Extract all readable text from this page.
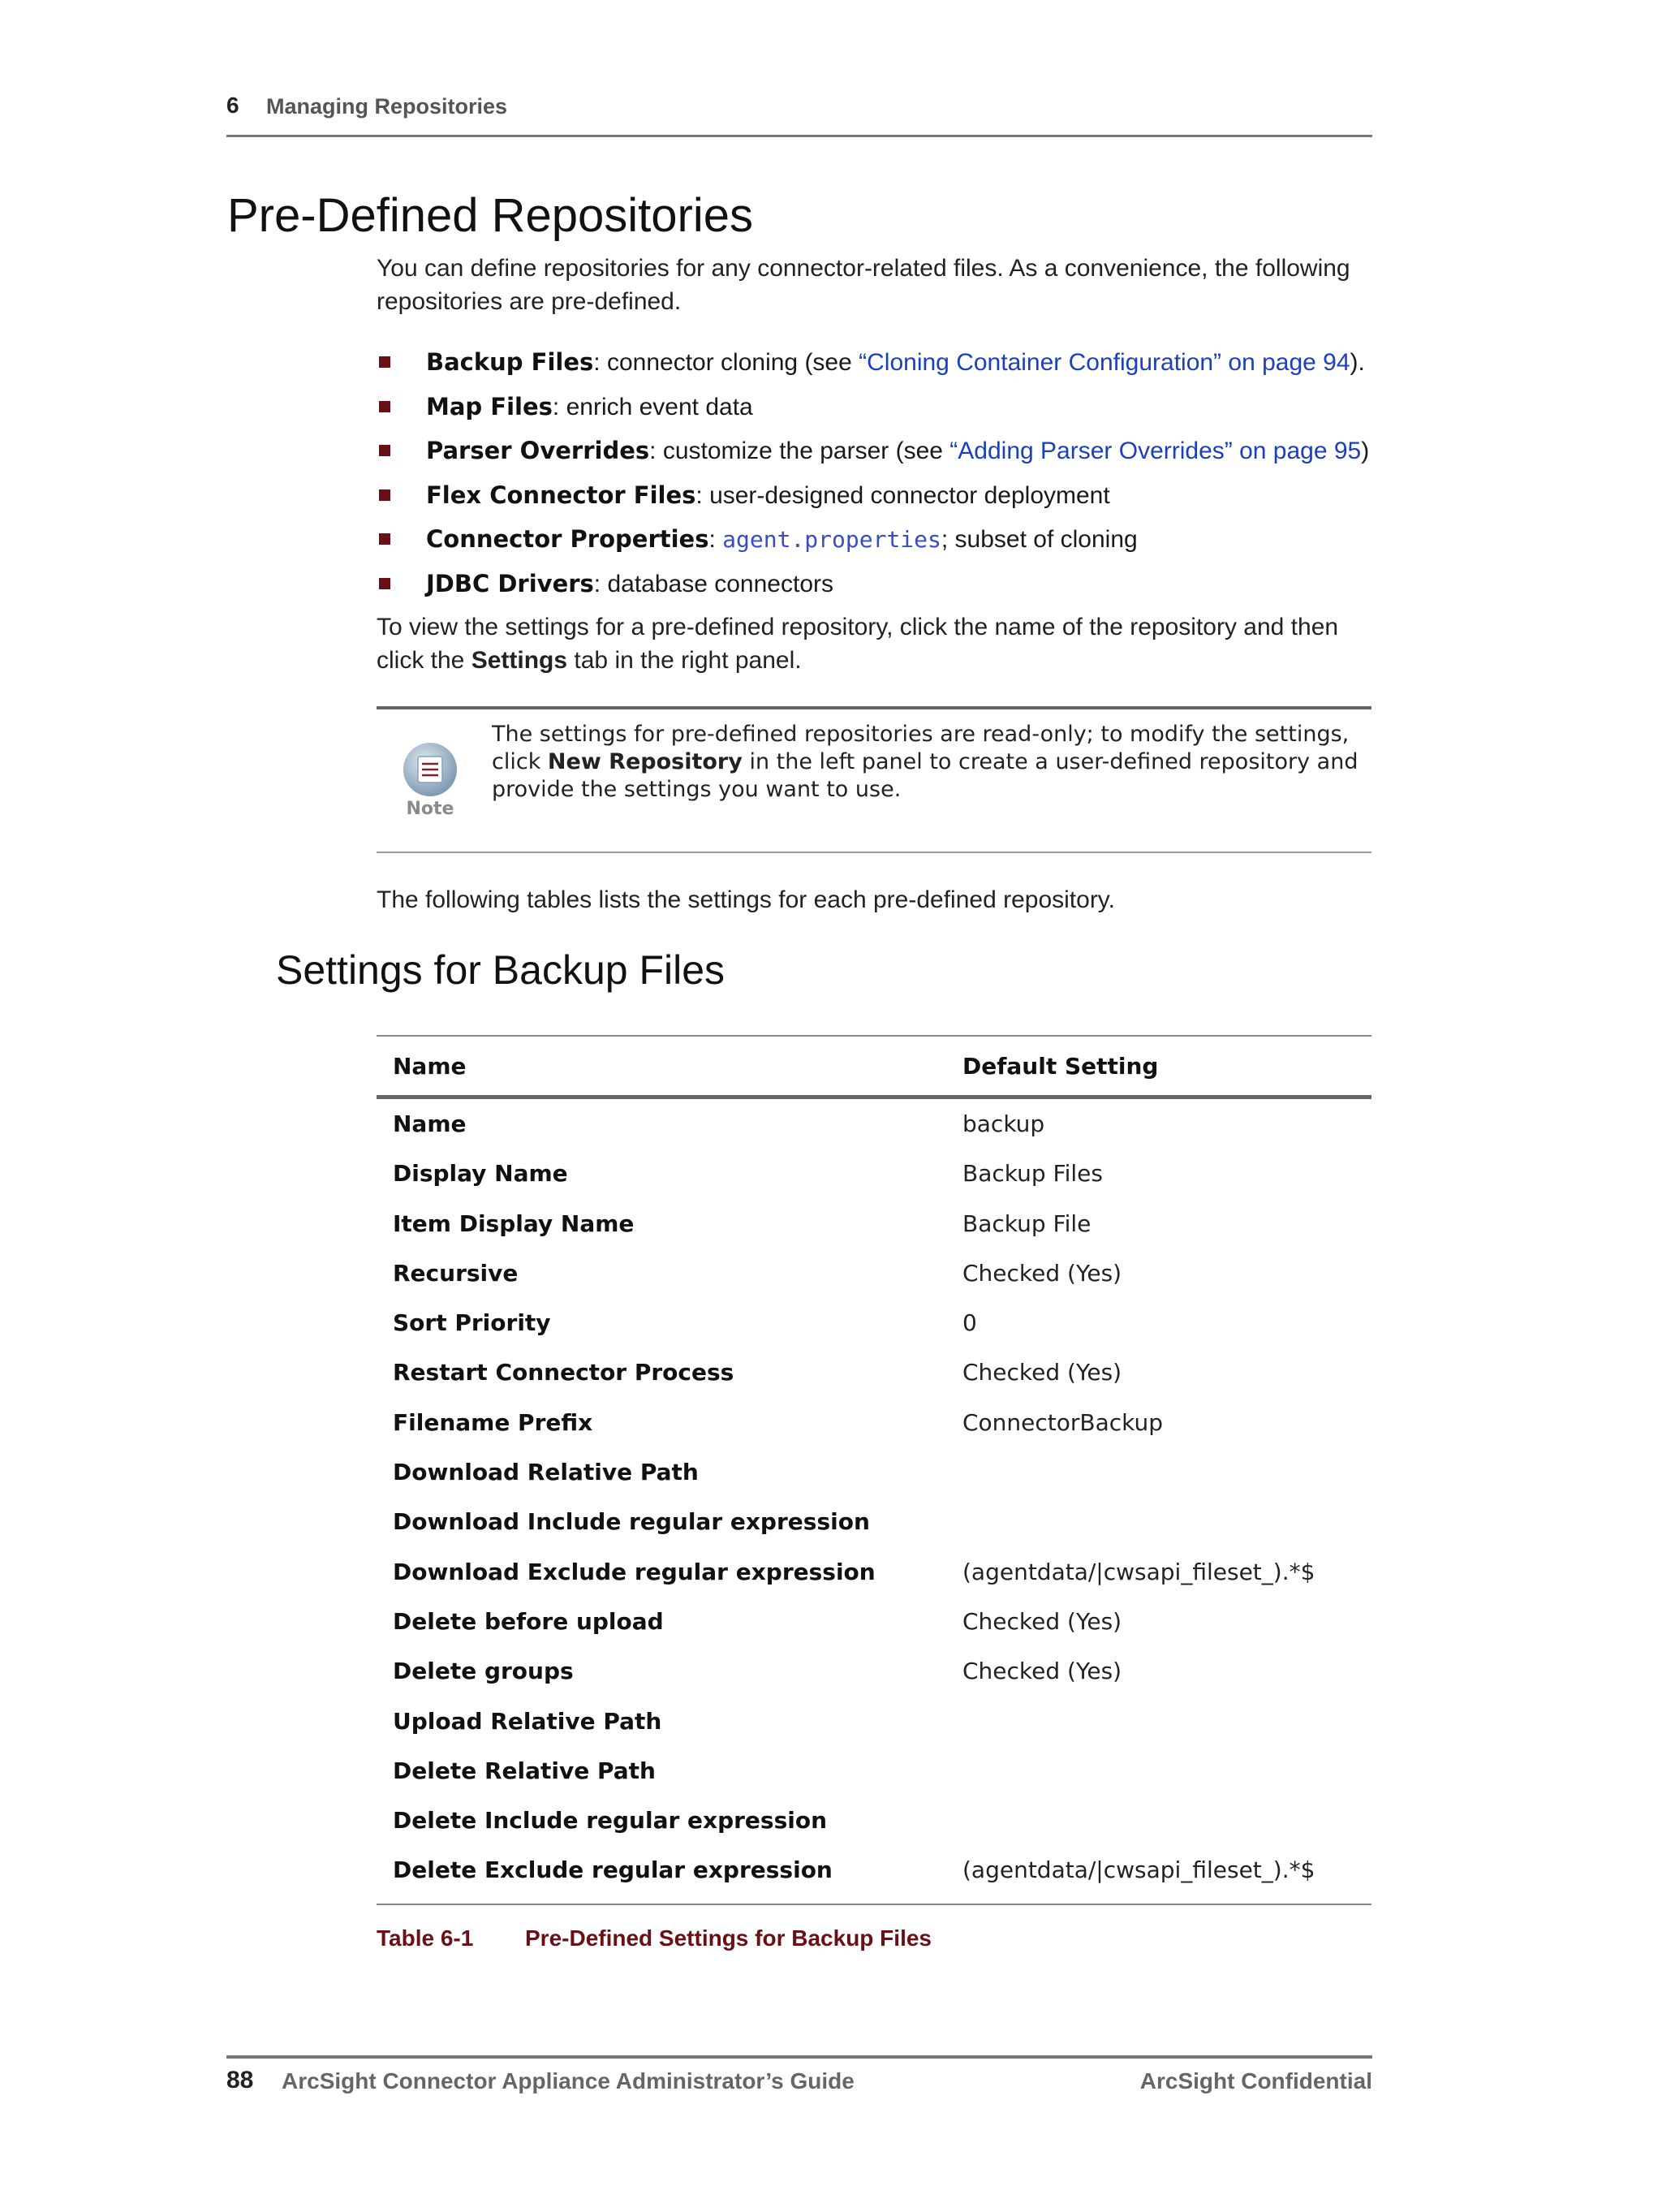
6 Managing Repositories
Pre-Defined Repositories
You can define repositories for any connector-related files. As a convenience, the following repositories are pre-defined.
Backup Files: connector cloning (see “Cloning Container Configuration” on page 94).
Map Files: enrich event data
Parser Overrides: customize the parser (see “Adding Parser Overrides” on page 95)
Flex Connector Files: user-designed connector deployment
Connector Properties: agent.properties; subset of cloning
JDBC Drivers: database connectors
To view the settings for a pre-defined repository, click the name of the repository and then click the Settings tab in the right panel.
Note
The settings for pre-defined repositories are read-only; to modify the settings, click New Repository in the left panel to create a user-defined repository and provide the settings you want to use.
The following tables lists the settings for each pre-defined repository.
Settings for Backup Files
Name	Default Setting
Name	backup
Display Name	Backup Files
Item Display Name	Backup File
Recursive	Checked (Yes)
Sort Priority	0
Restart Connector Process	Checked (Yes)
Filename Prefix	ConnectorBackup
Download Relative Path
Download Include regular expression
Download Exclude regular expression	(agentdata/|cwsapi_fileset_).*$
Delete before upload	Checked (Yes)
Delete groups	Checked (Yes)
Upload Relative Path
Delete Relative Path
Delete Include regular expression
Delete Exclude regular expression	(agentdata/|cwsapi_fileset_).*$
Table 6-1 Pre-Defined Settings for Backup Files
88 ArcSight Connector Appliance Administrator’s Guide	ArcSight Confidential
